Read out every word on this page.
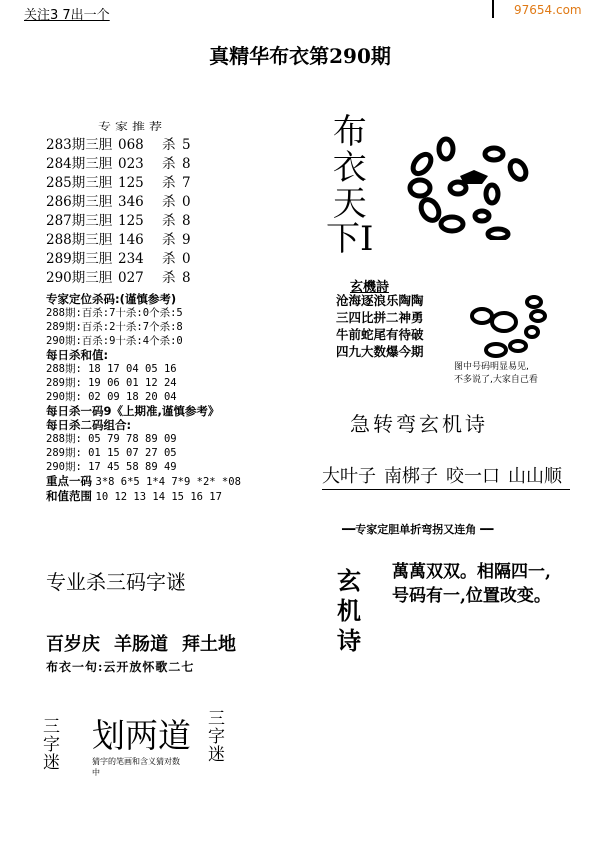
关注3 7出一个	97654.com
真精华布衣第290期
专家推荐
283期三胆 068	杀 5
284期三胆 023	杀 8
285期三胆 125	杀 7
286期三胆 346	杀 0
287期三胆 125	杀 8
288期三胆 146	杀 9
289期三胆 234	杀 0
290期三胆 027	杀 8
专家定位杀码:(谨慎参考)
288期:百杀:7十杀:0个杀:5
289期:百杀:2十杀:7个杀:8
290期:百杀:9十杀:4个杀:0
每日杀和值:
288期: 18 17 04 05 16
289期: 19 06 01 12 24
290期: 02 09 18 20 04
每日杀一码9《上期准,谨慎参考》
每日杀二码组合:
288期: 05 79 78 89 09
289期: 01 15 07 27 05
290期: 17 45 58 89 49
重点一码 3*8 6*5 1*4 7*9 *2* *08
和值范围 10 12 13 14 15 16 17
专业杀三码字谜
百岁庆 羊肠道 拜土地
布衣一句:云开放怀歌二七
三
字
迷
划两道
猜字的笔画和含义猜对数中
三
字
迷
布
衣
天
下I
玄機詩
沧海逐浪乐陶陶
三四比拼二神勇
牛前蛇尾有待破
四九大数爆今期
图中号码明显易见,
不多说了,大家自己看
急转弯玄机诗
大叶子 南梆子 咬一口 山山顺
━━专家定胆单折弯拐又连角 ━━
玄
机
诗
萬萬双双。相隔四一,
号码有一,位置改变。
